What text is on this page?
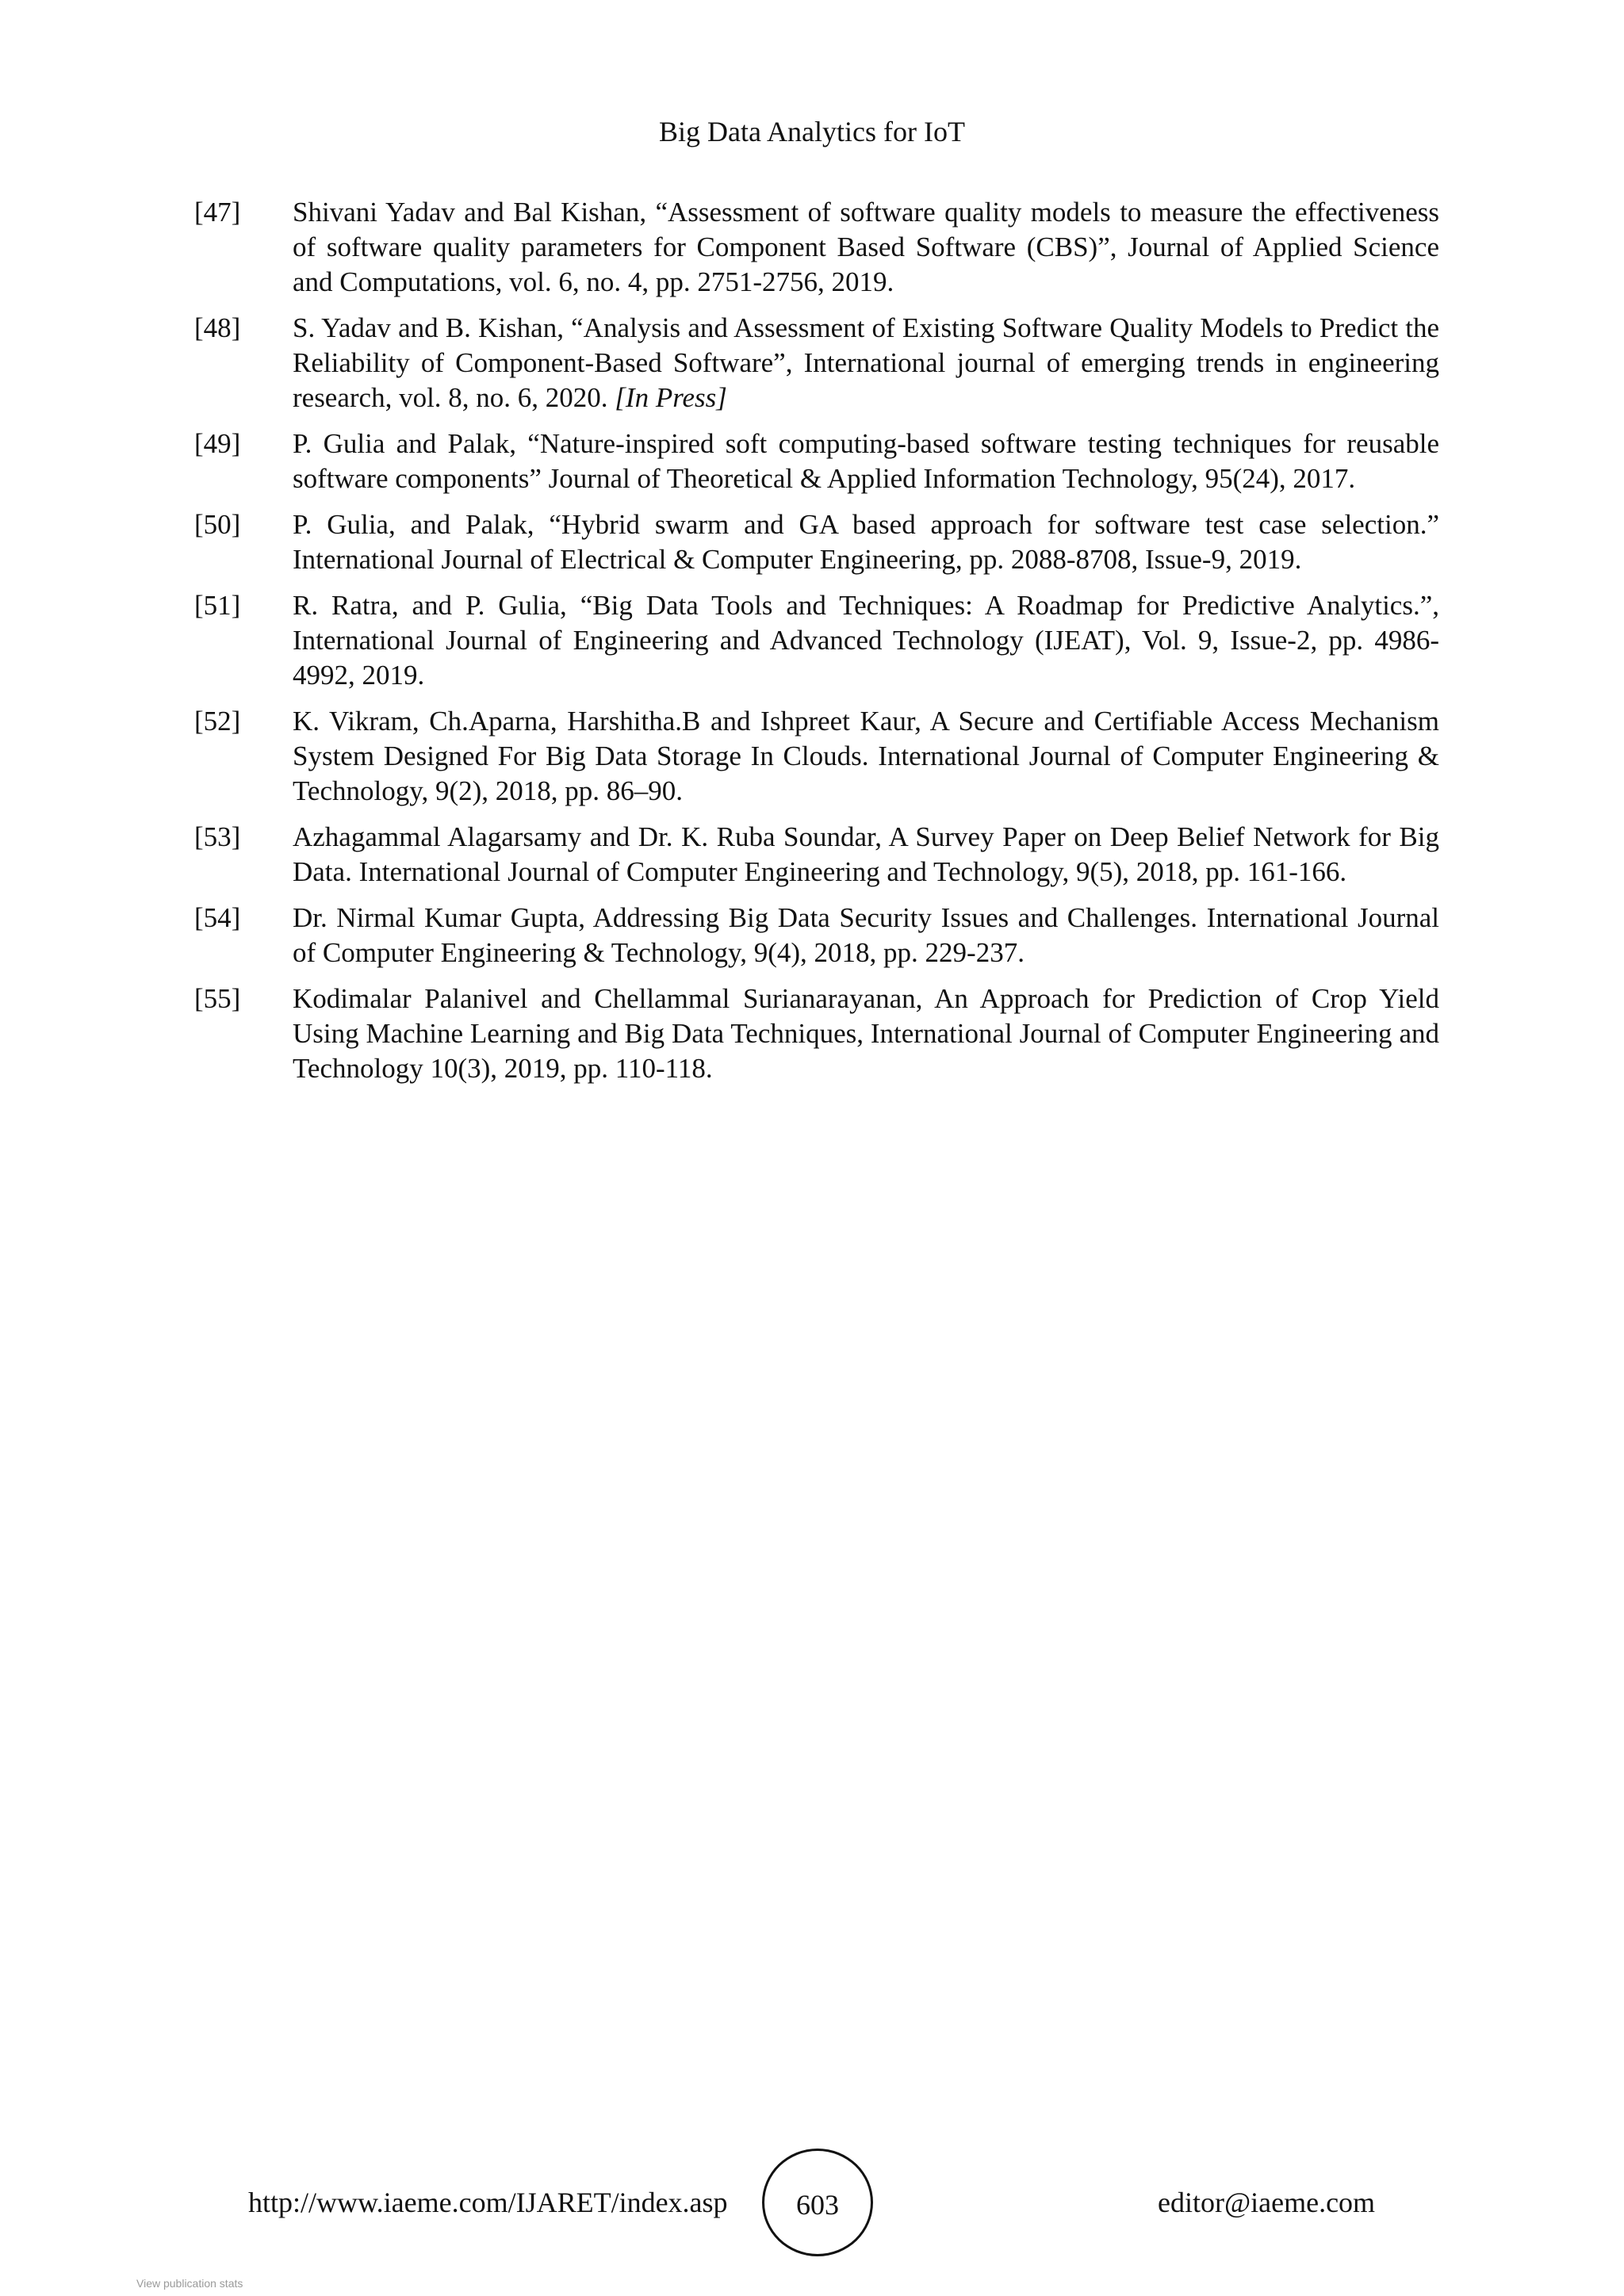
Big Data Analytics for IoT
[47] Shivani Yadav and Bal Kishan, “Assessment of software quality models to measure the effectiveness of software quality parameters for Component Based Software (CBS)”, Journal of Applied Science and Computations, vol. 6, no. 4, pp. 2751-2756, 2019.
[48] S. Yadav and B. Kishan, “Analysis and Assessment of Existing Software Quality Models to Predict the Reliability of Component-Based Software”, International journal of emerging trends in engineering research, vol. 8, no. 6, 2020. [In Press]
[49] P. Gulia and Palak, “Nature-inspired soft computing-based software testing techniques for reusable software components” Journal of Theoretical & Applied Information Technology, 95(24), 2017.
[50] P. Gulia, and Palak, “Hybrid swarm and GA based approach for software test case selection.” International Journal of Electrical & Computer Engineering, pp. 2088-8708, Issue-9, 2019.
[51] R. Ratra, and P. Gulia, “Big Data Tools and Techniques: A Roadmap for Predictive Analytics.”, International Journal of Engineering and Advanced Technology (IJEAT), Vol. 9, Issue-2, pp. 4986-4992, 2019.
[52] K. Vikram, Ch.Aparna, Harshitha.B and Ishpreet Kaur, A Secure and Certifiable Access Mechanism System Designed For Big Data Storage In Clouds. International Journal of Computer Engineering & Technology, 9(2), 2018, pp. 86–90.
[53] Azhagammal Alagarsamy and Dr. K. Ruba Soundar, A Survey Paper on Deep Belief Network for Big Data. International Journal of Computer Engineering and Technology, 9(5), 2018, pp. 161-166.
[54] Dr. Nirmal Kumar Gupta, Addressing Big Data Security Issues and Challenges. International Journal of Computer Engineering & Technology, 9(4), 2018, pp. 229-237.
[55] Kodimalar Palanivel and Chellammal Surianarayanan, An Approach for Prediction of Crop Yield Using Machine Learning and Big Data Techniques, International Journal of Computer Engineering and Technology 10(3), 2019, pp. 110-118.
http://www.iaeme.com/IJARET/index.asp	603	editor@iaeme.com
View publication stats
